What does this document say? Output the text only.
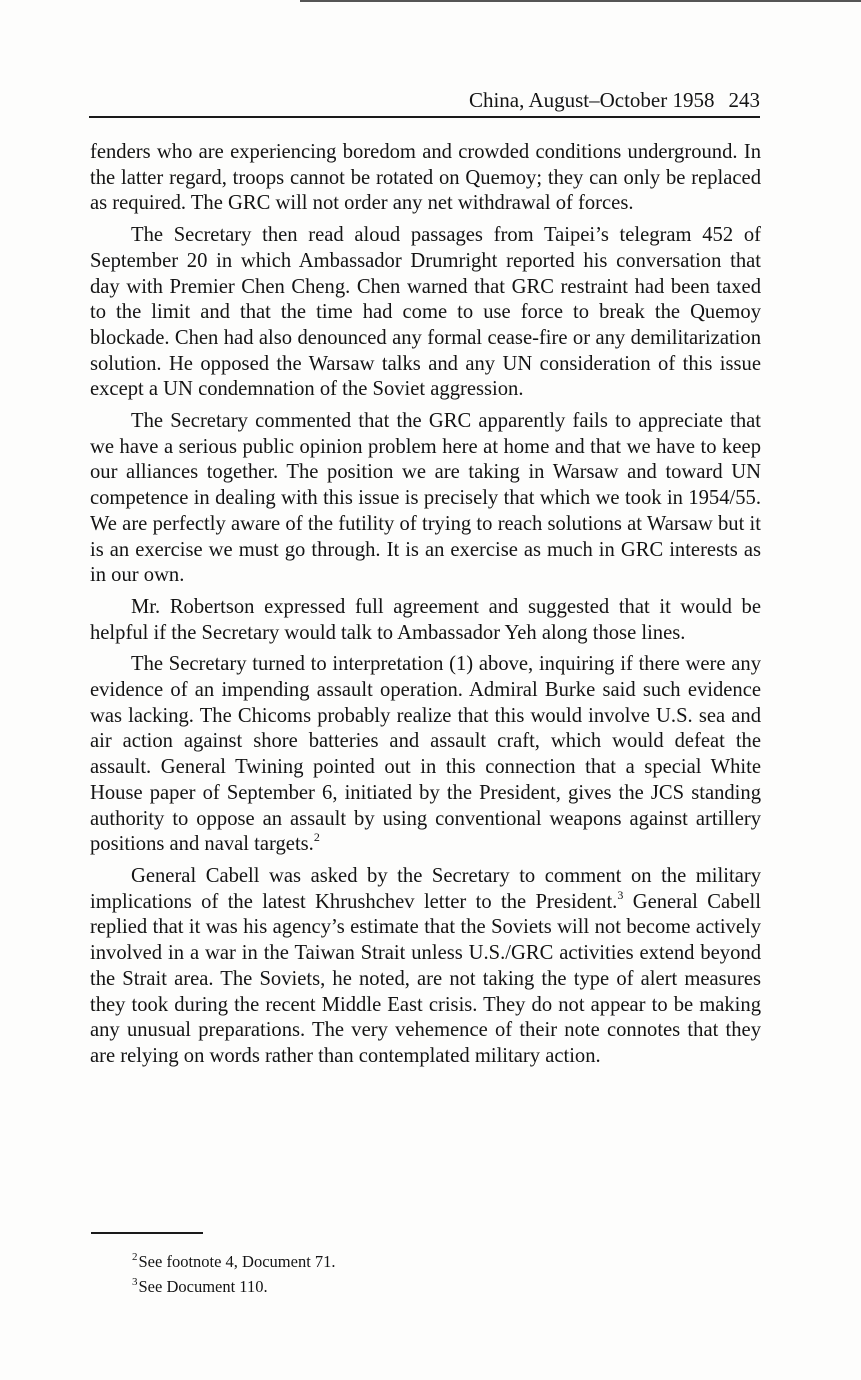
China, August–October 1958 243

fenders who are experiencing boredom and crowded conditions underground. In the latter regard, troops cannot be rotated on Quemoy; they can only be replaced as required. The GRC will not order any net withdrawal of forces.

The Secretary then read aloud passages from Taipei’s telegram 452 of September 20 in which Ambassador Drumright reported his conversation that day with Premier Chen Cheng. Chen warned that GRC restraint had been taxed to the limit and that the time had come to use force to break the Quemoy blockade. Chen had also denounced any formal cease-fire or any demilitarization solution. He opposed the Warsaw talks and any UN consideration of this issue except a UN condemnation of the Soviet aggression.

The Secretary commented that the GRC apparently fails to appreciate that we have a serious public opinion problem here at home and that we have to keep our alliances together. The position we are taking in Warsaw and toward UN competence in dealing with this issue is precisely that which we took in 1954/55. We are perfectly aware of the futility of trying to reach solutions at Warsaw but it is an exercise we must go through. It is an exercise as much in GRC interests as in our own.

Mr. Robertson expressed full agreement and suggested that it would be helpful if the Secretary would talk to Ambassador Yeh along those lines.

The Secretary turned to interpretation (1) above, inquiring if there were any evidence of an impending assault operation. Admiral Burke said such evidence was lacking. The Chicoms probably realize that this would involve U.S. sea and air action against shore batteries and assault craft, which would defeat the assault. General Twining pointed out in this connection that a special White House paper of September 6, initiated by the President, gives the JCS standing authority to oppose an assault by using conventional weapons against artillery positions and naval targets.$^2$

General Cabell was asked by the Secretary to comment on the military implications of the latest Khrushchev letter to the President.$^3$ General Cabell replied that it was his agency’s estimate that the Soviets will not become actively involved in a war in the Taiwan Strait unless U.S./GRC activities extend beyond the Strait area. The Soviets, he noted, are not taking the type of alert measures they took during the recent Middle East crisis. They do not appear to be making any unusual preparations. The very vehemence of their note connotes that they are relying on words rather than contemplated military action.

$^2$See footnote 4, Document 71.
$^3$See Document 110.
